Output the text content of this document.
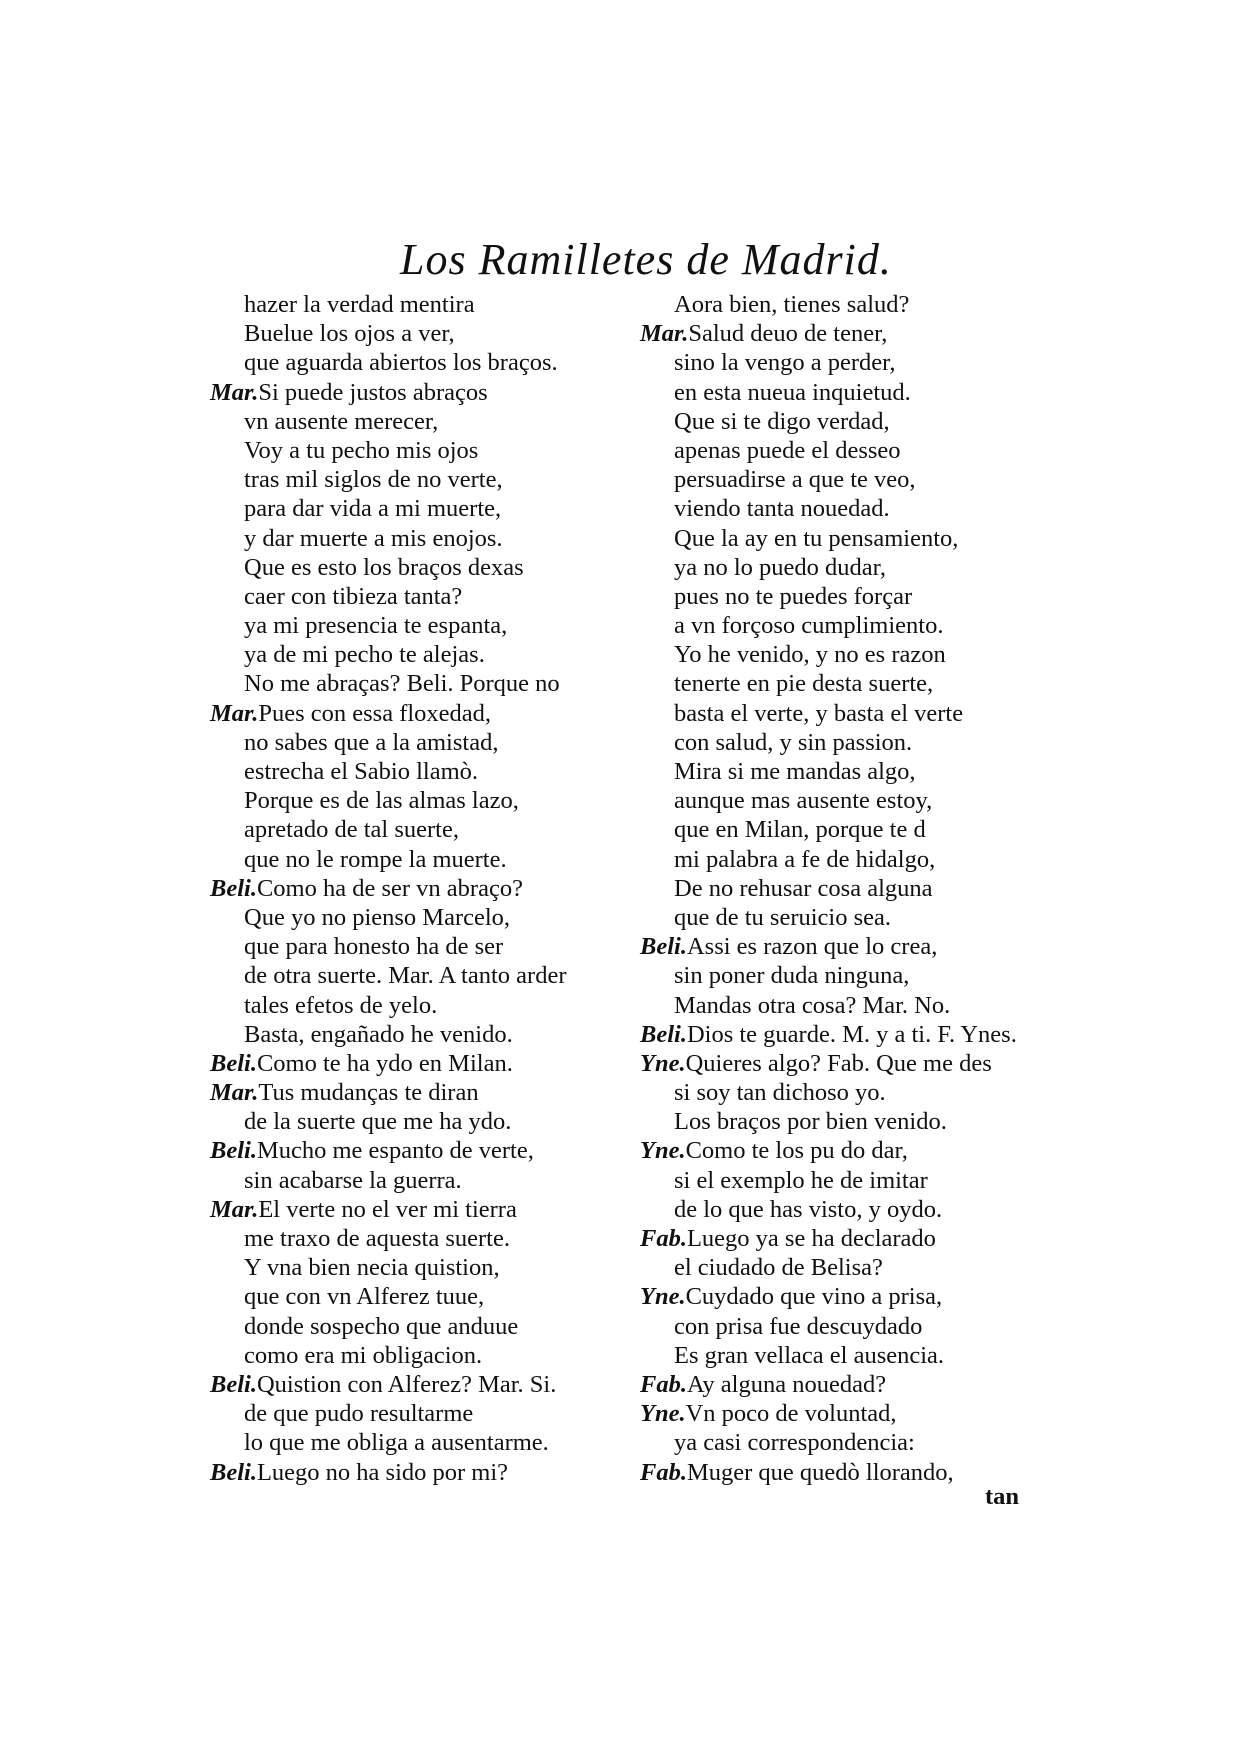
Los Ramilletes de Madrid.
hazer la verdad mentira
Buelue los ojos a ver,
que aguarda abiertos los braços.
Mar.Si puede justos abraços
vn ausente merecer,
Voy a tu pecho mis ojos
tras mil siglos de no verte,
para dar vida a mi muerte,
y dar muerte a mis enojos.
Que es esto los braços dexas
caer con tibieza tanta?
ya mi presencia te espanta,
ya de mi pecho te alejas.
No me abraças? Beli. Porque no
Mar.Pues con essa floxedad,
no sabes que a la amistad,
estrecha el Sabio llamò.
Porque es de las almas lazo,
apretado de tal suerte,
que no le rompe la muerte.
Beli.Como ha de ser vn abraço?
Que yo no pienso Marcelo,
que para honesto ha de ser
de otra suerte. Mar. A tanto arder
tales efetos de yelo.
Basta, engañado he venido.
Beli.Como te ha ydo en Milan.
Mar.Tus mudanças te diran
de la suerte que me ha ydo.
Beli.Mucho me espanto de verte,
sin acabarse la guerra.
Mar.El verte no el ver mi tierra
me traxo de aquesta suerte.
Y vna bien necia quistion,
que con vn Alferez tuue,
donde sospecho que anduue
como era mi obligacion.
Beli.Quistion con Alferez? Mar. Si.
de que pudo resultarme
lo que me obliga a ausentarme.
Beli.Luego no ha sido por mi?
Aora bien, tienes salud?
Mar.Salud deuo de tener,
sino la vengo a perder,
en esta nueua inquietud.
Que si te digo verdad,
apenas puede el desseo
persuadirse a que te veo,
viendo tanta nouedad.
Que la ay en tu pensamiento,
ya no lo puedo dudar,
pues no te puedes forçar
a vn forçoso cumplimiento.
Yo he venido, y no es razon
tenerte en pie desta suerte,
basta el verte, y basta el verte
con salud, y sin passion.
Mira si me mandas algo,
aunque mas ausente estoy,
que en Milan, porque te d
mi palabra a fe de hidalgo,
De no rehusar cosa alguna
que de tu seruicio sea.
Beli.Assi es razon que lo crea,
sin poner duda ninguna,
Mandas otra cosa? Mar. No.
Beli.Dios te guarde. M. y a ti. F. Ynes.
Yne.Quieres algo? Fab. Que me des
si soy tan dichoso yo.
Los braços por bien venido.
Yne.Como te los pu do dar,
si el exemplo he de imitar
de lo que has visto, y oydo.
Fab.Luego ya se ha declarado
el ciudado de Belisa?
Yne.Cuydado que vino a prisa,
con prisa fue descuydado
Es gran vellaca el ausencia.
Fab.Ay alguna nouedad?
Yne.Vn poco de voluntad,
ya casi correspondencia:
Fab.Muger que quedò llorando,
tan
